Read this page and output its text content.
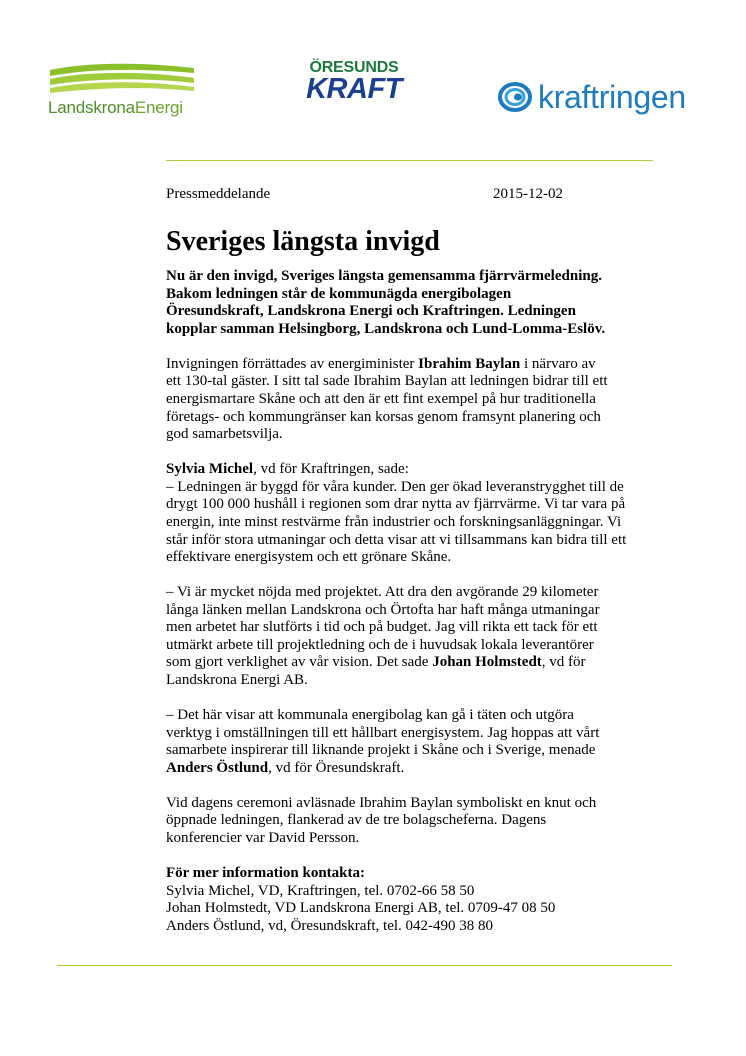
LandskronaEnergi
ÖRESUNDS
KRAFT	kraftringen
Pressmeddelande	2015-12-02
Sveriges längsta invigd

Nu är den invigd, Sveriges längsta gemensamma fjärrvärmeledning.
Bakom ledningen står de kommunägda energibolagen
Öresundskraft, Landskrona Energi och Kraftringen. Ledningen
kopplar samman Helsingborg, Landskrona och Lund-Lomma-Eslöv.

Invigningen förrättades av energiminister Ibrahim Baylan i närvaro av
ett 130-tal gäster. I sitt tal sade Ibrahim Baylan att ledningen bidrar till ett
energismartare Skåne och att den är ett fint exempel på hur traditionella
företags- och kommungränser kan korsas genom framsynt planering och
god samarbetsvilja.

Sylvia Michel, vd för Kraftringen, sade:
– Ledningen är byggd för våra kunder. Den ger ökad leveranstrygghet till de
drygt 100 000 hushåll i regionen som drar nytta av fjärrvärme. Vi tar vara på
energin, inte minst restvärme från industrier och forskningsanläggningar. Vi
står inför stora utmaningar och detta visar att vi tillsammans kan bidra till ett
effektivare energisystem och ett grönare Skåne.

– Vi är mycket nöjda med projektet. Att dra den avgörande 29 kilometer
långa länken mellan Landskrona och Örtofta har haft många utmaningar
men arbetet har slutförts i tid och på budget. Jag vill rikta ett tack för ett
utmärkt arbete till projektledning och de i huvudsak lokala leverantörer
som gjort verklighet av vår vision. Det sade Johan Holmstedt, vd för
Landskrona Energi AB.

– Det här visar att kommunala energibolag kan gå i täten och utgöra
verktyg i omställningen till ett hållbart energisystem. Jag hoppas att vårt
samarbete inspirerar till liknande projekt i Skåne och i Sverige, menade
Anders Östlund, vd för Öresundskraft.

Vid dagens ceremoni avläsnade Ibrahim Baylan symboliskt en knut och
öppnade ledningen, flankerad av de tre bolagscheferna. Dagens
konferencier var David Persson.

För mer information kontakta:
Sylvia Michel, VD, Kraftringen, tel. 0702-66 58 50
Johan Holmstedt, VD Landskrona Energi AB, tel. 0709-47 08 50
Anders Östlund, vd, Öresundskraft, tel. 042-490 38 80
